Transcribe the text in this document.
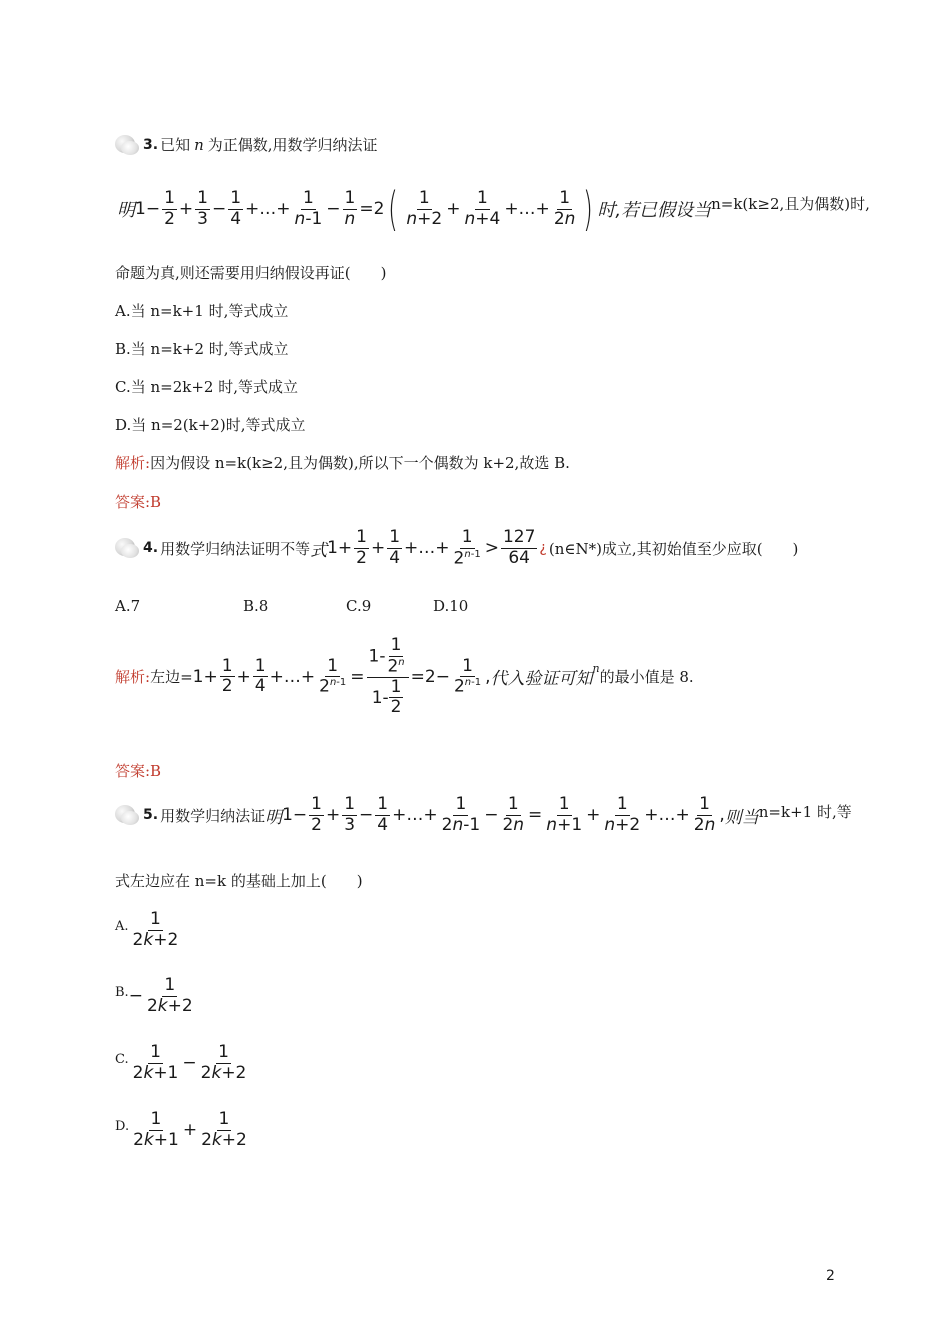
3. 已知 n 为正偶数,用数学归纳法证
明 $1- \frac{1}{2} + \frac{1}{3} - \frac{1}{4}$ +…+ $\frac{1}{n-1} - \frac{1}{n} =2$ ( $\frac{1}{n+2} + \frac{1}{n+4}$ +…+ $\frac{1}{2n}$ ) 时,若已假设当 n=k(k≥2,且为偶数)时,
命题为真,则还需要用归纳假设再证(　　)
A.当 n=k+1 时,等式成立
B.当 n=k+2 时,等式成立
C.当 n=2k+2 时,等式成立
D.当 n=2(k+2)时,等式成立
解析:因为假设 n=k(k≥2,且为偶数),所以下一个偶数为 k+2,故选 B.
答案:B
4. 用数学归纳法证明不等 式 $1+ \frac{1}{2} + \frac{1}{4}$ +…+ $\frac{1}{2^{n-1}} > \frac{127}{64}$ ¿ (n∈N*)成立,其初始值至少应取(　　)
A.7	B.8	C.9	D.10
解析: 左边= $1+ \frac{1}{2} + \frac{1}{4}$ +…+ $\frac{1}{2^{n-1}} = \frac{1- \frac{1}{2^n}}{1- \frac{1}{2}} =2- \frac{1}{2^{n-1}}$ , 代入验证可知
n 的最小值是 8.
答案:B
5. 用数学归纳法证 明 $1- \frac{1}{2} + \frac{1}{3} - \frac{1}{4}$ +…+ $\frac{1}{2n-1} - \frac{1}{2n} = \frac{1}{n+1} + \frac{1}{n+2}$ +…+ $\frac{1}{2n}$ , 则当 n=k+1 时,等
式左边应在 n=k 的基础上加上(　　)
A. $\frac{1}{2k+2}$
B. − $\frac{1}{2k+2}$
C. $\frac{1}{2k+1} - \frac{1}{2k+2}$
D. $\frac{1}{2k+1} + \frac{1}{2k+2}$
2
